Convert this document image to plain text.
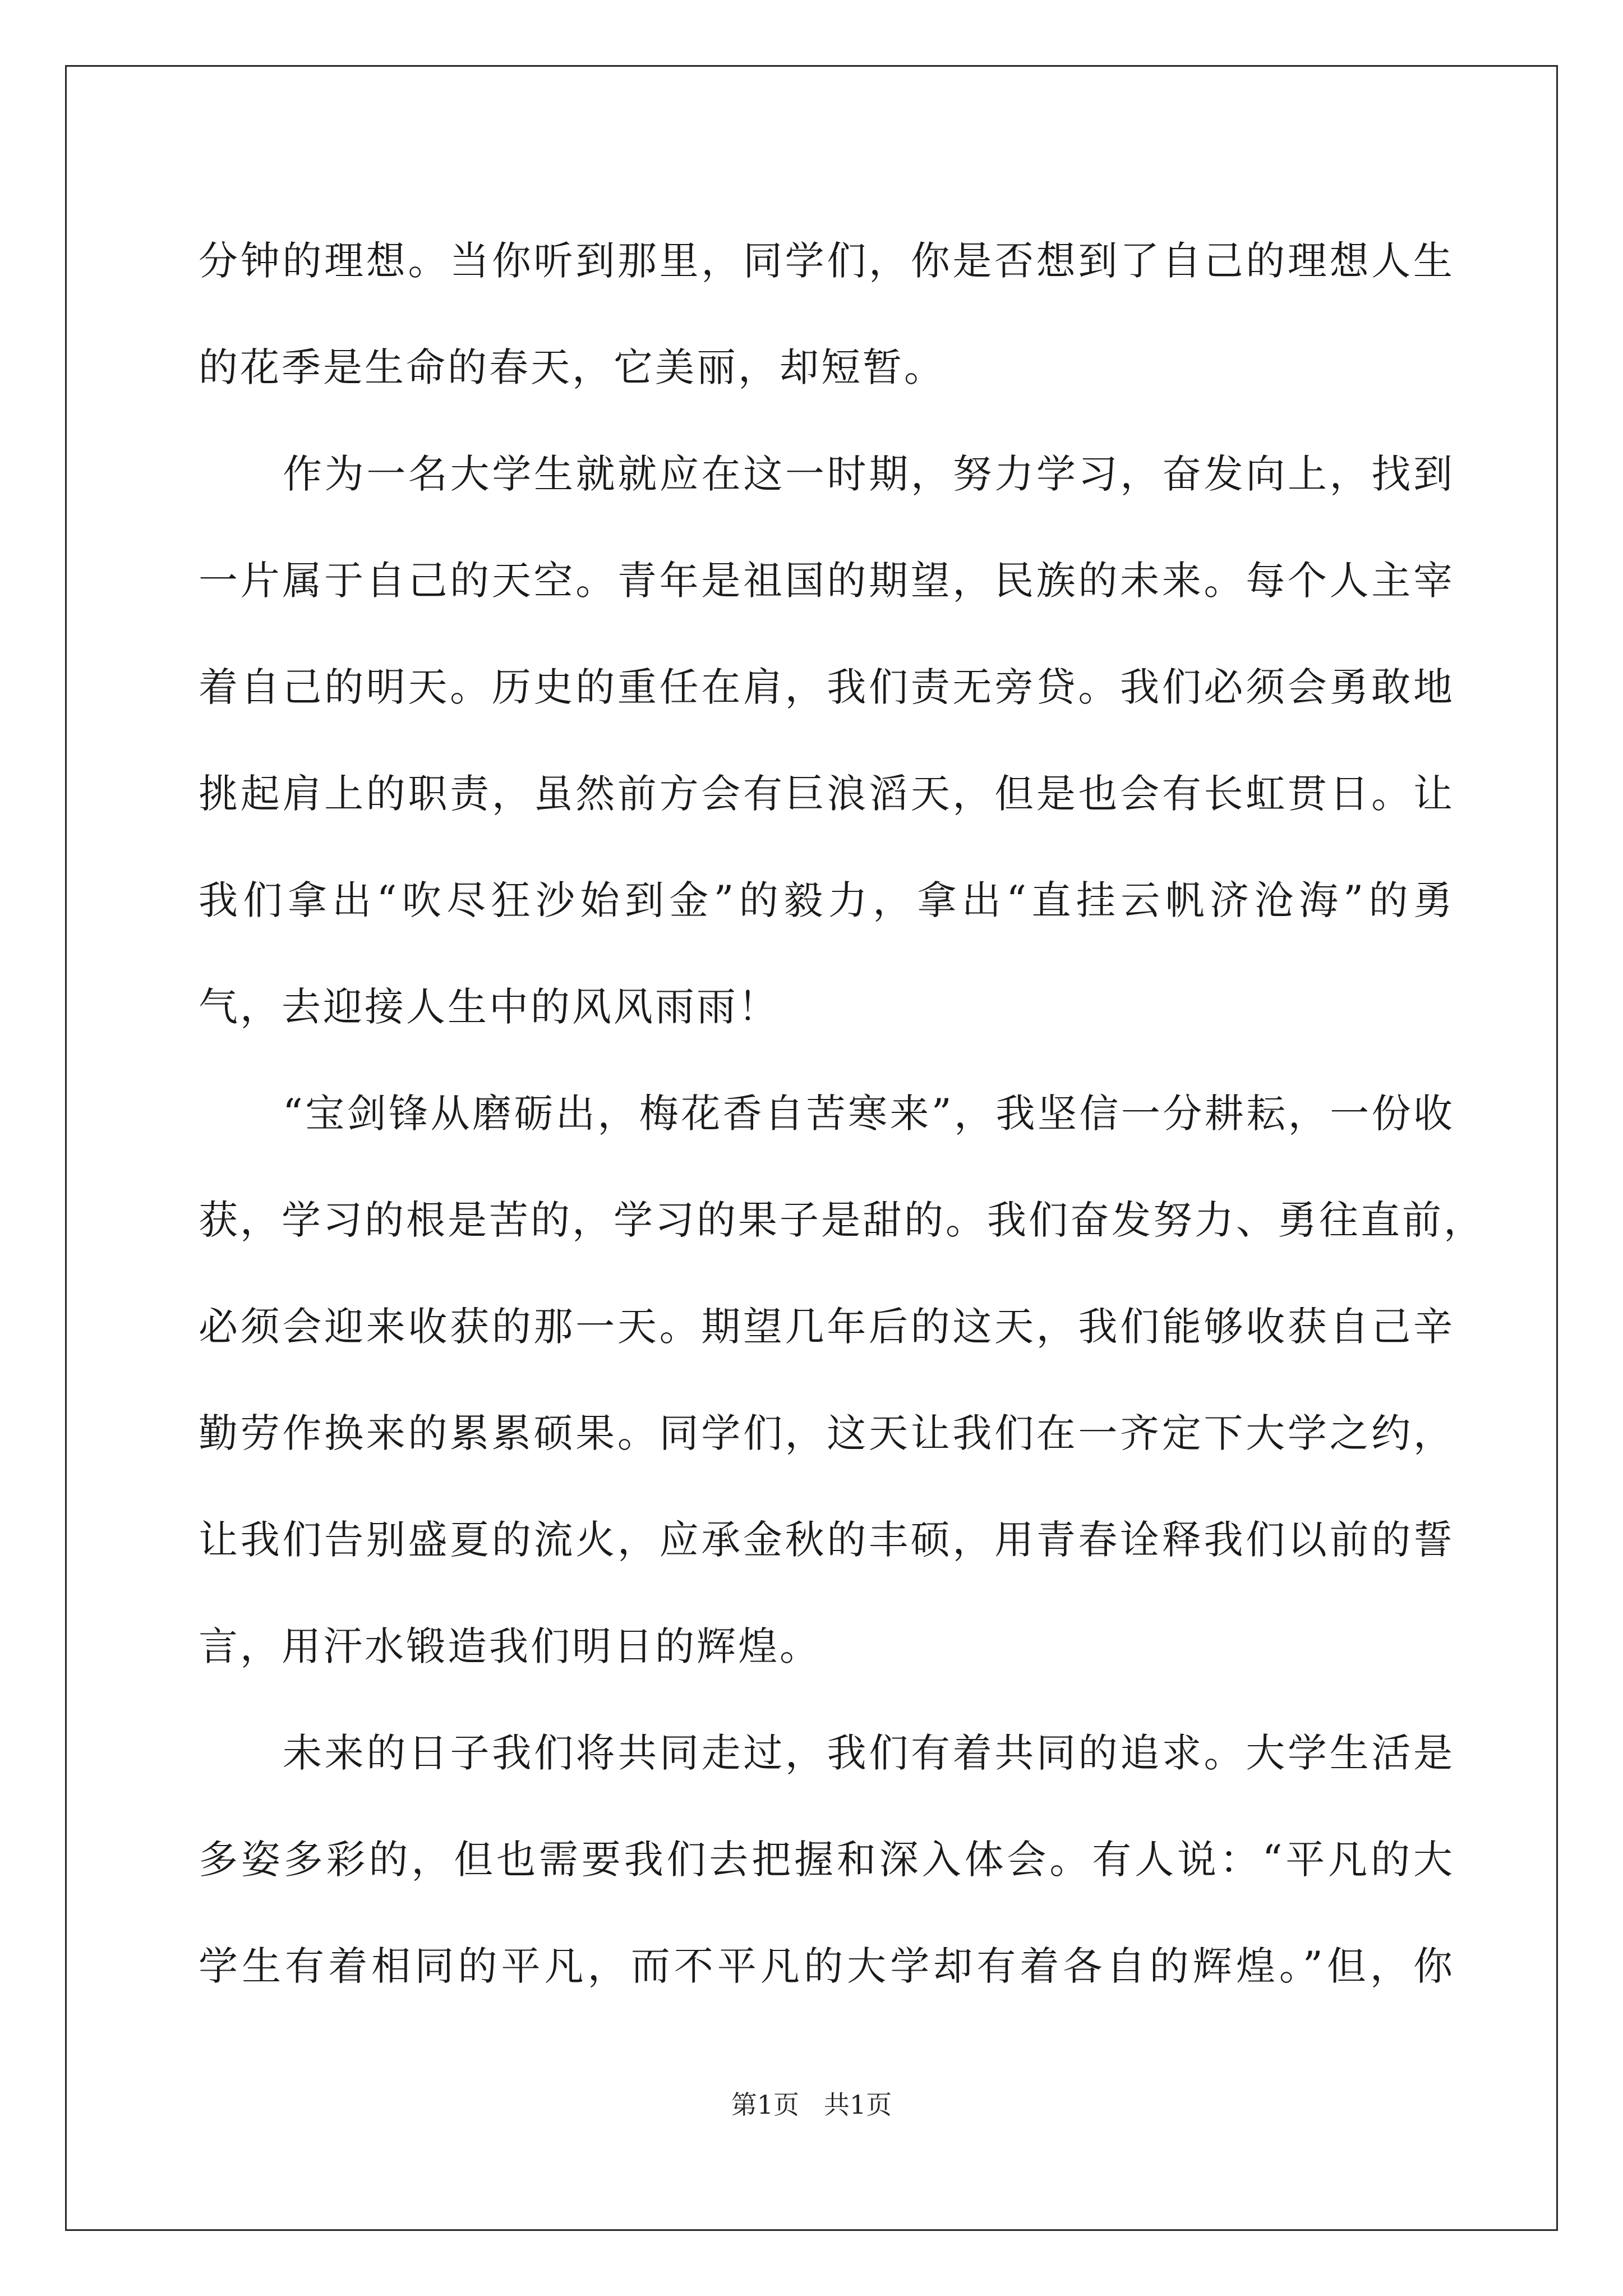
分钟的理想。当你听到那里，同学们，你是否想到了自己的理想人生
的花季是生命的春天，它美丽，却短暂。
作为一名大学生就就应在这一时期，努力学习，奋发向上，找到
一片属于自己的天空。青年是祖国的期望，民族的未来。每个人主宰
着自己的明天。历史的重任在肩，我们责无旁贷。我们必须会勇敢地
挑起肩上的职责，虽然前方会有巨浪滔天，但是也会有长虹贯日。让
我们拿出“吹尽狂沙始到金”的毅力，拿出“直挂云帆济沧海”的勇
气，去迎接人生中的风风雨雨！
“宝剑锋从磨砺出，梅花香自苦寒来”，我坚信一分耕耘，一份收
获，学习的根是苦的，学习的果子是甜的。我们奋发努力、勇往直前，
必须会迎来收获的那一天。期望几年后的这天，我们能够收获自己辛
勤劳作换来的累累硕果。同学们，这天让我们在一齐定下大学之约，
让我们告别盛夏的流火，应承金秋的丰硕，用青春诠释我们以前的誓
言，用汗水锻造我们明日的辉煌。
未来的日子我们将共同走过，我们有着共同的追求。大学生活是
多姿多彩的，但也需要我们去把握和深入体会。有人说：“平凡的大
学生有着相同的平凡，而不平凡的大学却有着各自的辉煌。”但，你
第1页 共1页
